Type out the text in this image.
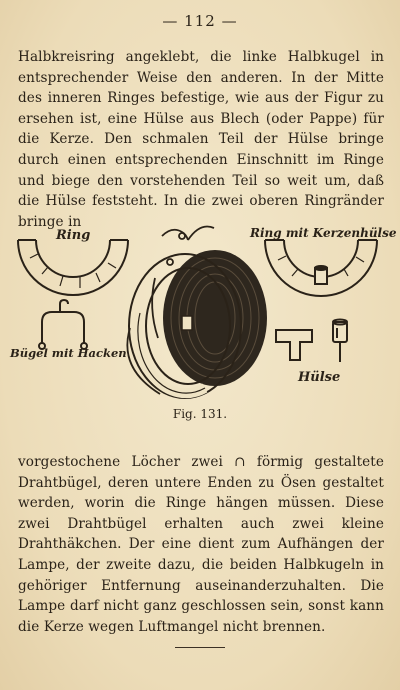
— 112 —

Halbkreisring angeklebt, die linke Halbkugel in entsprechender Weise den anderen. In der Mitte des inneren Ringes befestige, wie aus der Figur zu ersehen ist, eine Hülse aus Blech (oder Pappe) für die Kerze. Den schmalen Teil der Hülse bringe durch einen entsprechenden Einschnitt im Ringe und biege den vorstehenden Teil so weit um, daß die Hülse feststeht. In die zwei oberen Ringränder bringe in

Ring	Ring mit Kerzenhülse
Bügel mit Hacken
Hülse
Fig. 131.

vorgestochene Löcher zwei ∩ förmig gestaltete Drahtbügel, deren untere Enden zu Ösen gestaltet werden, worin die Ringe hängen müssen. Diese zwei Drahtbügel erhalten auch zwei kleine Drahthäkchen. Der eine dient zum Aufhängen der Lampe, der zweite dazu, die beiden Halbkugeln in gehöriger Entfernung auseinanderzuhalten. Die Lampe darf nicht ganz geschlossen sein, sonst kann die Kerze wegen Luftmangel nicht brennen.
